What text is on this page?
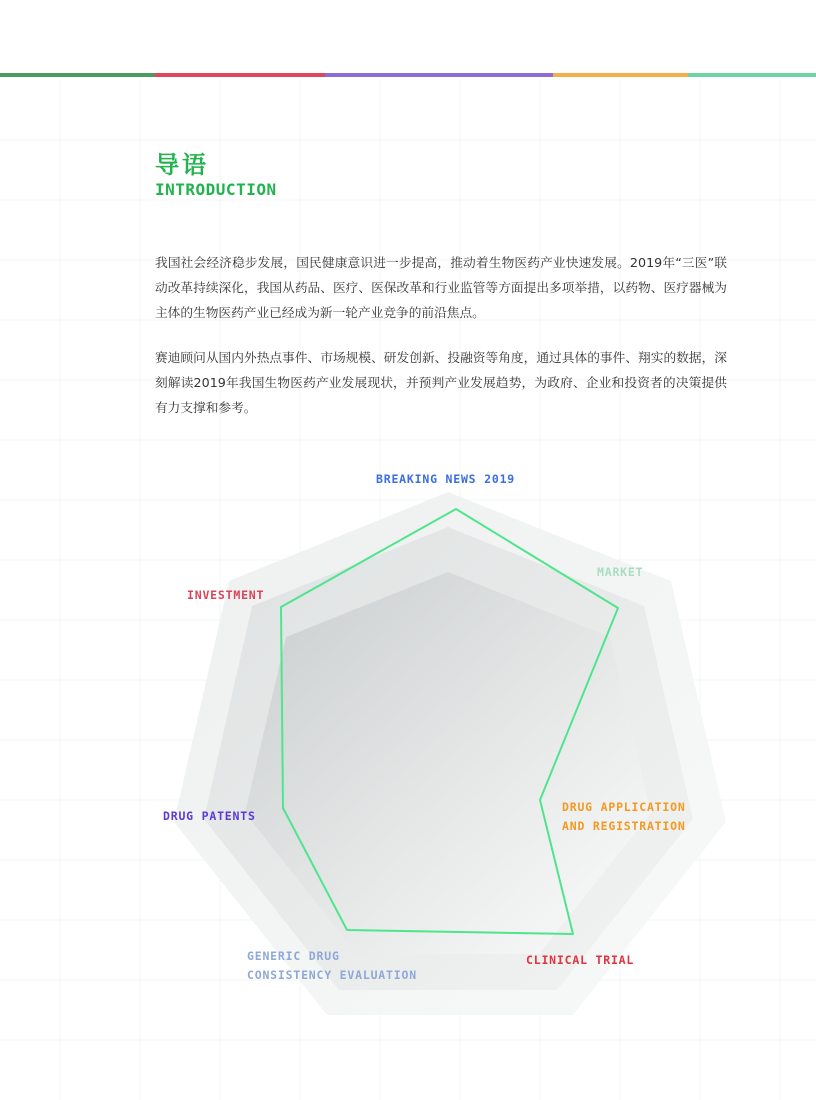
导语
INTRODUCTION

我国社会经济稳步发展，国民健康意识进一步提高，推动着生物医药产业快速发展。2019年“三医”联动改革持续深化，我国从药品、医疗、医保改革和行业监管等方面提出多项举措，以药物、医疗器械为主体的生物医药产业已经成为新一轮产业竞争的前沿焦点。

赛迪顾问从国内外热点事件、市场规模、研发创新、投融资等角度，通过具体的事件、翔实的数据，深刻解读2019年我国生物医药产业发展现状，并预判产业发展趋势，为政府、企业和投资者的决策提供有力支撑和参考。

BREAKING NEWS 2019
MARKET
INVESTMENT
DRUG APPLICATION
AND REGISTRATION
DRUG PATENTS
GENERIC DRUG
CONSISTENCY EVALUATION
CLINICAL TRIAL
